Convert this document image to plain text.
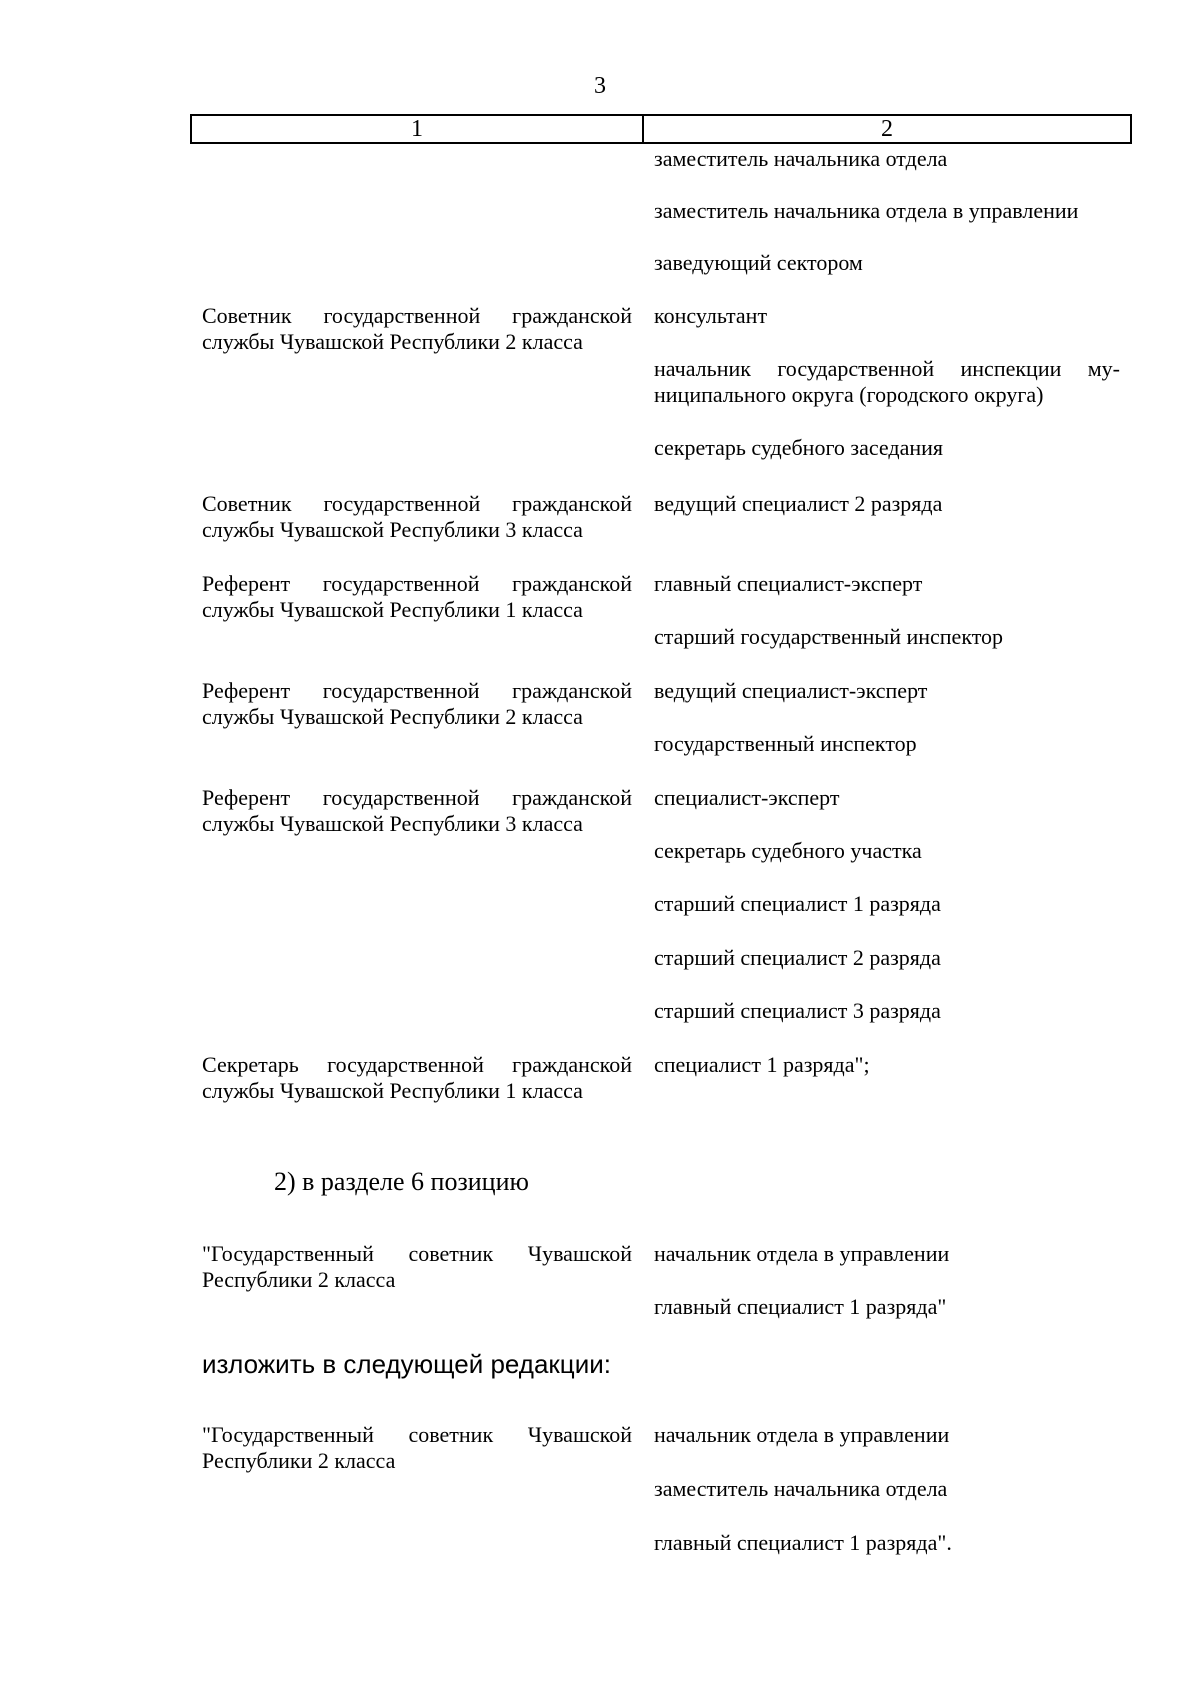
3
1	2
заместитель начальника отдела
заместитель начальника отдела в управлении
заведующий сектором
Советник государственной гражданской
службы Чувашской Республики 2 класса
консультант
начальник государственной инспекции му-
ниципального округа (городского округа)
секретарь судебного заседания
Советник государственной гражданской
службы Чувашской Республики 3 класса
ведущий специалист 2 разряда
Референт государственной гражданской
службы Чувашской Республики 1 класса
главный специалист-эксперт
старший государственный инспектор
Референт государственной гражданской
службы Чувашской Республики 2 класса
ведущий специалист-эксперт
государственный инспектор
Референт государственной гражданской
службы Чувашской Республики 3 класса
специалист-эксперт
секретарь судебного участка
старший специалист 1 разряда
старший специалист 2 разряда
старший специалист 3 разряда
Секретарь государственной гражданской
службы Чувашской Республики 1 класса
специалист 1 разряда";
2) в разделе 6 позицию
"Государственный советник Чувашской
Республики 2 класса
начальник отдела в управлении
главный специалист 1 разряда"
изложить в следующей редакции:
"Государственный советник Чувашской
Республики 2 класса
начальник отдела в управлении
заместитель начальника отдела
главный специалист 1 разряда".
